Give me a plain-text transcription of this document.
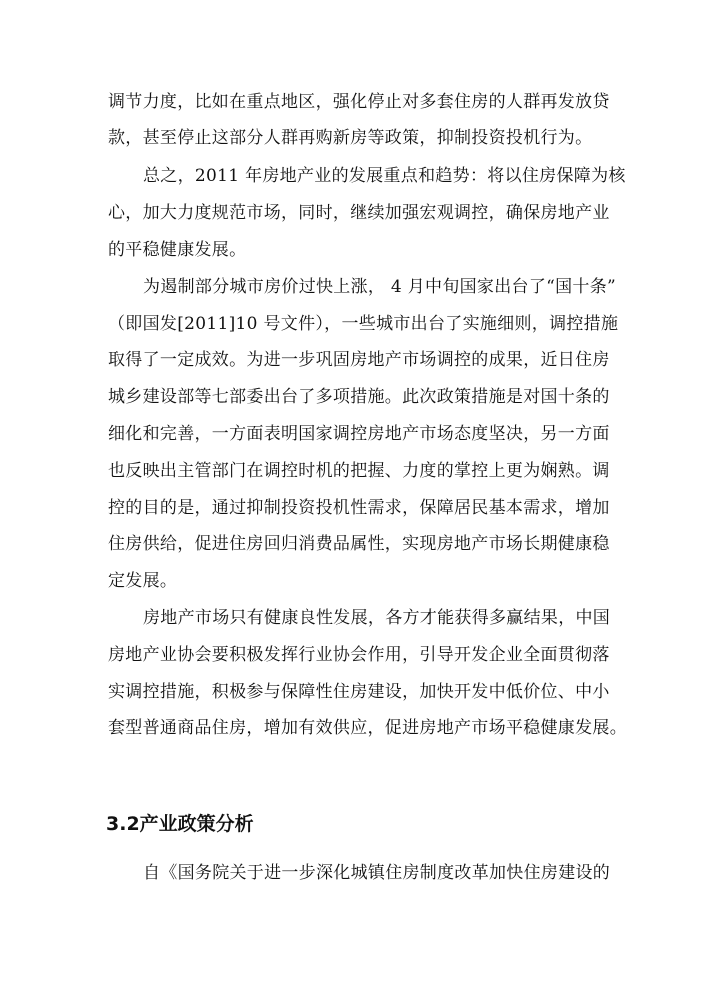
调节力度，比如在重点地区，强化停止对多套住房的人群再发放贷
款，甚至停止这部分人群再购新房等政策，抑制投资投机行为。
总之，2011 年房地产业的发展重点和趋势：将以住房保障为核
心，加大力度规范市场，同时，继续加强宏观调控，确保房地产业
的平稳健康发展。
为遏制部分城市房价过快上涨， 4 月中旬国家出台了“国十条”
（即国发[2011]10 号文件），一些城市出台了实施细则，调控措施
取得了一定成效。为进一步巩固房地产市场调控的成果，近日住房
城乡建设部等七部委出台了多项措施。此次政策措施是对国十条的
细化和完善，一方面表明国家调控房地产市场态度坚决，另一方面
也反映出主管部门在调控时机的把握、力度的掌控上更为娴熟。调
控的目的是，通过抑制投资投机性需求，保障居民基本需求，增加
住房供给，促进住房回归消费品属性，实现房地产市场长期健康稳
定发展。
房地产市场只有健康良性发展，各方才能获得多赢结果，中国
房地产业协会要积极发挥行业协会作用，引导开发企业全面贯彻落
实调控措施，积极参与保障性住房建设，加快开发中低价位、中小
套型普通商品住房，增加有效供应，促进房地产市场平稳健康发展。
3.2产业政策分析
自《国务院关于进一步深化城镇住房制度改革加快住房建设的
